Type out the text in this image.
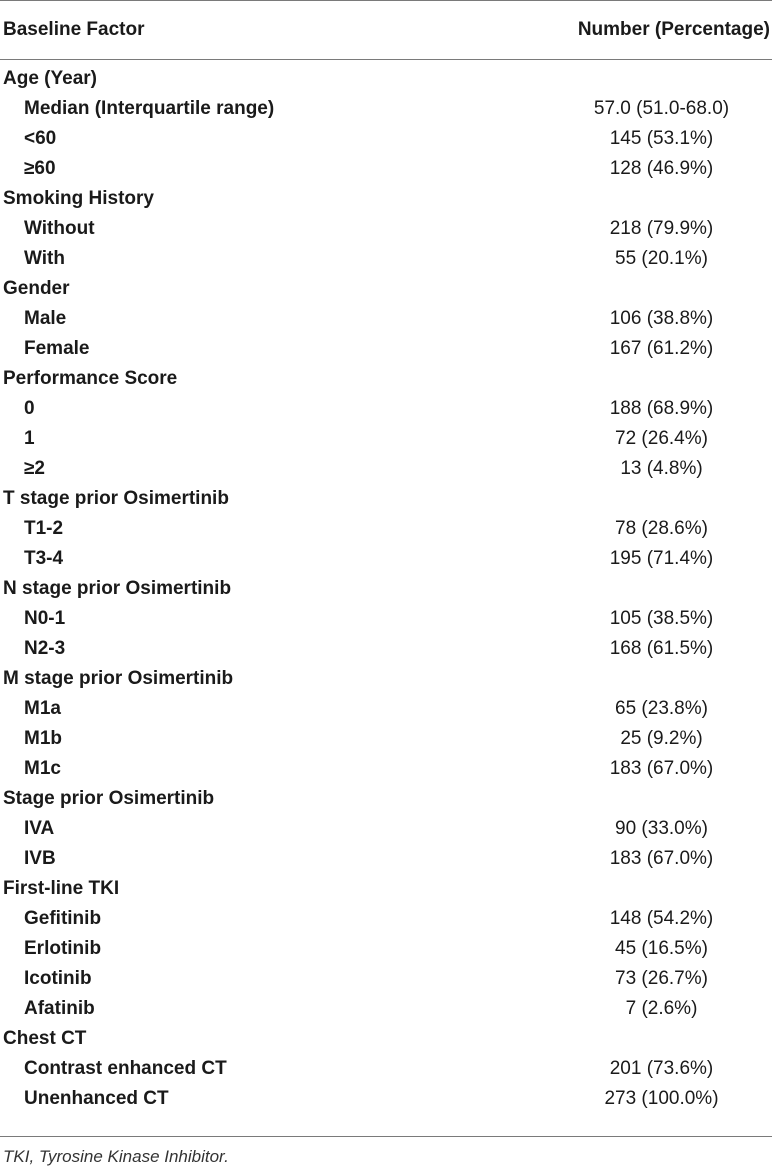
Baseline Factor	Number (Percentage)
Age (Year)
Median (Interquartile range)	57.0 (51.0-68.0)
<60	145 (53.1%)
≥60	128 (46.9%)
Smoking History
Without	218 (79.9%)
With	55 (20.1%)
Gender
Male	106 (38.8%)
Female	167 (61.2%)
Performance Score
0	188 (68.9%)
1	72 (26.4%)
≥2	13 (4.8%)
T stage prior Osimertinib
T1-2	78 (28.6%)
T3-4	195 (71.4%)
N stage prior Osimertinib
N0-1	105 (38.5%)
N2-3	168 (61.5%)
M stage prior Osimertinib
M1a	65 (23.8%)
M1b	25 (9.2%)
M1c	183 (67.0%)
Stage prior Osimertinib
IVA	90 (33.0%)
IVB	183 (67.0%)
First-line TKI
Gefitinib	148 (54.2%)
Erlotinib	45 (16.5%)
Icotinib	73 (26.7%)
Afatinib	7 (2.6%)
Chest CT
Contrast enhanced CT	201 (73.6%)
Unenhanced CT	273 (100.0%)
TKI, Tyrosine Kinase Inhibitor.
